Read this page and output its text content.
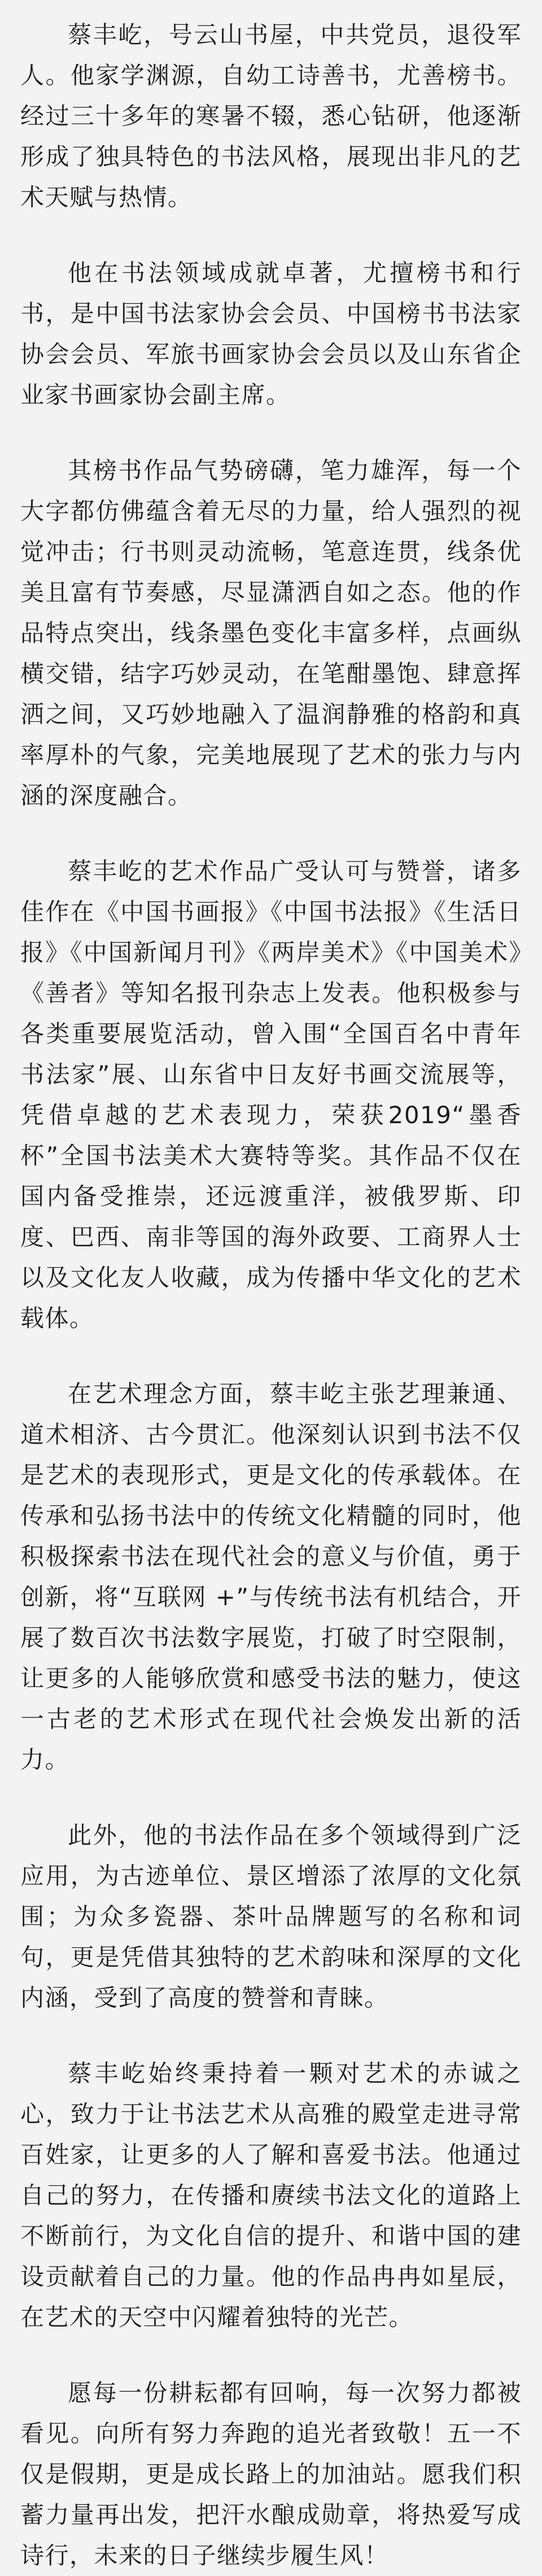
蔡丰屹，号云山书屋，中共党员，退役军人。他家学渊源，自幼工诗善书，尤善榜书。经过三十多年的寒暑不辍，悉心钻研，他逐渐形成了独具特色的书法风格，展现出非凡的艺术天赋与热情。

他在书法领域成就卓著，尤擅榜书和行书，是中国书法家协会会员、中国榜书书法家协会会员、军旅书画家协会会员以及山东省企业家书画家协会副主席。

其榜书作品气势磅礴，笔力雄浑，每一个大字都仿佛蕴含着无尽的力量，给人强烈的视觉冲击；行书则灵动流畅，笔意连贯，线条优美且富有节奏感，尽显潇洒自如之态。他的作品特点突出，线条墨色变化丰富多样，点画纵横交错，结字巧妙灵动，在笔酣墨饱、肆意挥洒之间，又巧妙地融入了温润静雅的格韵和真率厚朴的气象，完美地展现了艺术的张力与内涵的深度融合。

蔡丰屹的艺术作品广受认可与赞誉，诸多佳作在《中国书画报》《中国书法报》《生活日报》《中国新闻月刊》《两岸美术》《中国美术》《善者》等知名报刊杂志上发表。他积极参与各类重要展览活动，曾入围“全国百名中青年书法家”展、山东省中日友好书画交流展等，凭借卓越的艺术表现力，荣获2019“墨香杯”全国书法美术大赛特等奖。其作品不仅在国内备受推崇，还远渡重洋，被俄罗斯、印度、巴西、南非等国的海外政要、工商界人士以及文化友人收藏，成为传播中华文化的艺术载体。

在艺术理念方面，蔡丰屹主张艺理兼通、道术相济、古今贯汇。他深刻认识到书法不仅是艺术的表现形式，更是文化的传承载体。在传承和弘扬书法中的传统文化精髓的同时，他积极探索书法在现代社会的意义与价值，勇于创新，将“互联网 +”与传统书法有机结合，开展了数百次书法数字展览，打破了时空限制，让更多的人能够欣赏和感受书法的魅力，使这一古老的艺术形式在现代社会焕发出新的活力。

此外，他的书法作品在多个领域得到广泛应用，为古迹单位、景区增添了浓厚的文化氛围；为众多瓷器、茶叶品牌题写的名称和词句，更是凭借其独特的艺术韵味和深厚的文化内涵，受到了高度的赞誉和青睐。

蔡丰屹始终秉持着一颗对艺术的赤诚之心，致力于让书法艺术从高雅的殿堂走进寻常百姓家，让更多的人了解和喜爱书法。他通过自己的努力，在传播和赓续书法文化的道路上不断前行，为文化自信的提升、和谐中国的建设贡献着自己的力量。他的作品冉冉如星辰，在艺术的天空中闪耀着独特的光芒。

愿每一份耕耘都有回响，每一次努力都被看见。向所有努力奔跑的追光者致敬！五一不仅是假期，更是成长路上的加油站。愿我们积蓄力量再出发，把汗水酿成勋章，将热爱写成诗行，未来的日子继续步履生风！
